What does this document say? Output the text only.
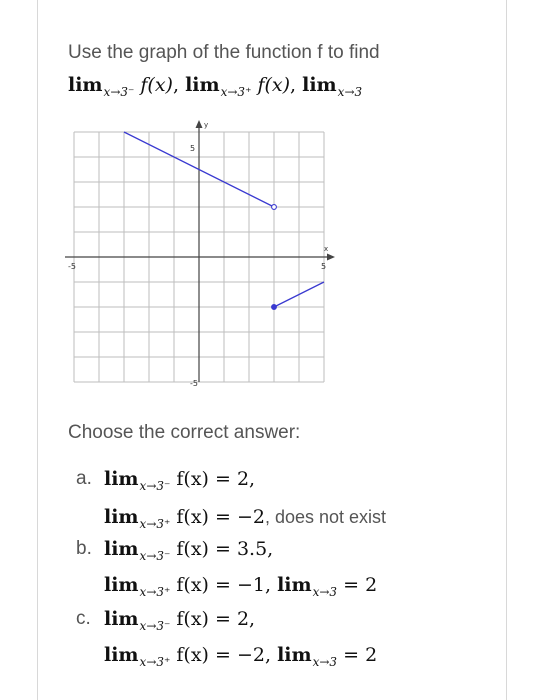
Use the graph of the function f to find
$\lim_{x\to 3^-} f(x)$, $\lim_{x\to 3^+} f(x)$, $\lim_{x\to 3}$
y
x
-5	5
5
-5
Choose the correct answer:
a. $\lim_{x\to 3^-} f(x) = 2$,
$\lim_{x\to 3^+} f(x) = -2$, does not exist
b. $\lim_{x\to 3^-} f(x) = 3.5$,
$\lim_{x\to 3^+} f(x) = -1$, $\lim_{x\to 3} = 2$
c. $\lim_{x\to 3^-} f(x) = 2$,
$\lim_{x\to 3^+} f(x) = -2$, $\lim_{x\to 3} = 2$
